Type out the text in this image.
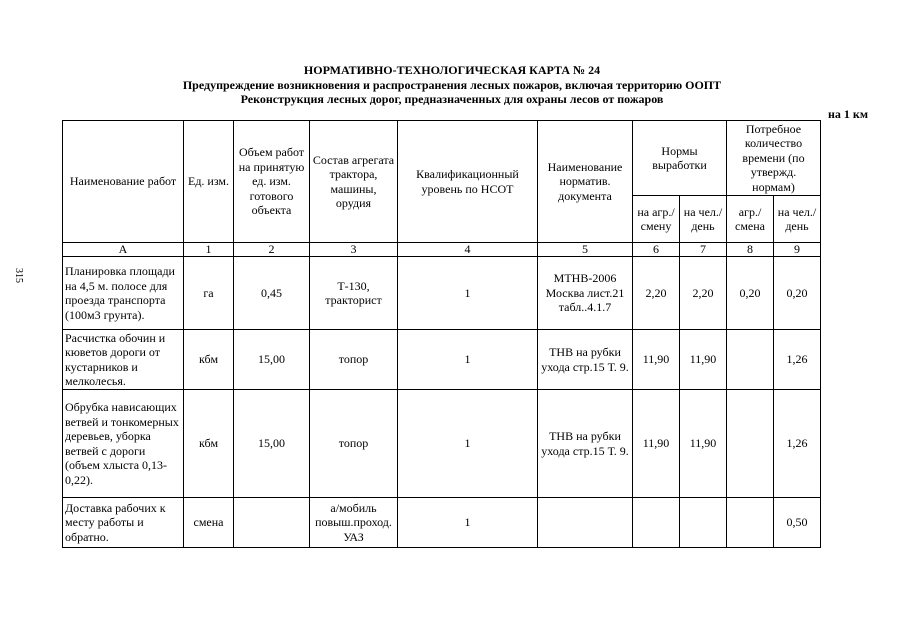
315
НОРМАТИВНО-ТЕХНОЛОГИЧЕСКАЯ КАРТА № 24
Предупреждение возникновения и распространения лесных пожаров, включая территорию ООПТ
Реконструкция лесных дорог, предназначенных для охраны лесов от пожаров
на 1 км
Наименование работ	Ед. изм.	Объем работ на принятую ед. изм. готового объекта	Состав агрегата трактора, машины, орудия	Квалификационный уровень по НСОТ	Наименование норматив. документа	Нормы выработки		Потребное количество времени (по утвержд. нормам)	
						на агр./ смену	на чел./ день	агр./ смена	на чел./ день
А	1	2	3	4	5	6	7	8	9
Планировка площади на 4,5 м. полосе для проезда транспорта (100м3 грунта).	га	0,45	Т-130, тракторист	1	МТНВ-2006 Москва лист.21 табл..4.1.7	2,20	2,20	0,20	0,20
Расчистка обочин и кюветов дороги от кустарников и мелколесья.	кбм	15,00	топор	1	ТНВ на рубки ухода стр.15 Т. 9.	11,90	11,90		1,26
Обрубка нависающих ветвей и тонкомерных деревьев, уборка ветвей с дороги (объем хлыста 0,13-0,22).	кбм	15,00	топор	1	ТНВ на рубки ухода стр.15 Т. 9.	11,90	11,90		1,26
Доставка рабочих к месту работы и обратно.	смена		а/мобиль повыш.проход. УАЗ	1					0,50
